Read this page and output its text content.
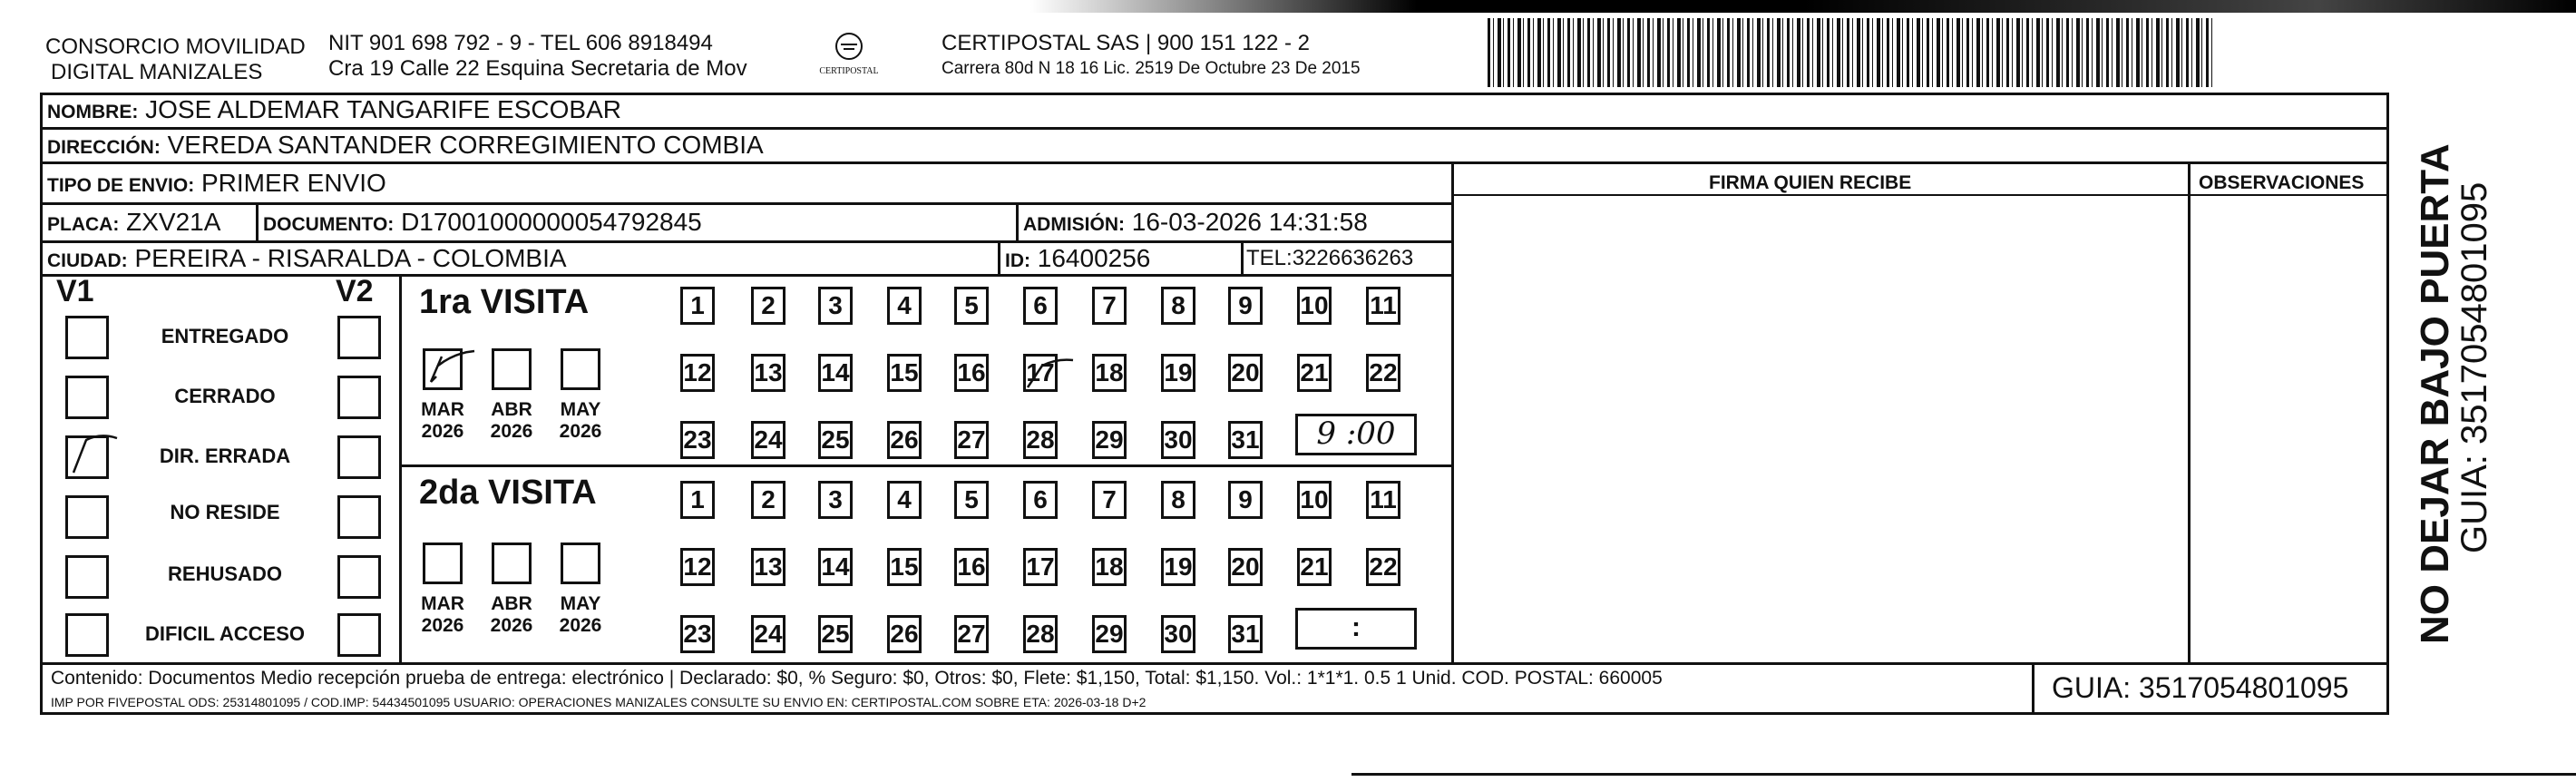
CONSORCIO MOVILIDAD
DIGITAL MANIZALES
NIT 901 698 792 - 9 - TEL 606 8918494
Cra 19 Calle 22 Esquina Secretaria de Mov	CERTIPOSTAL
CERTIPOSTAL SAS | 900 151 122 - 2
Carrera 80d N 18 16 Lic. 2519 De Octubre 23 De 2015
NOMBRE: JOSE ALDEMAR TANGARIFE ESCOBAR
DIRECCIÓN: VEREDA SANTANDER CORREGIMIENTO COMBIA
TIPO DE ENVIO: PRIMER ENVIO
PLACA: ZXV21A DOCUMENTO: D17001000000054792845	ADMISIÓN: 16-03-2026 14:31:58
CIUDAD: PEREIRA - RISARALDA - COLOMBIA	ID: 16400256	TEL:3226636263
FIRMA QUIEN RECIBE	OBSERVACIONES
V1	V2
ENTREGADO
CERRADO
DIR. ERRADA
NO RESIDE
REHUSADO
DIFICIL ACCESO
1ra VISITA
MAR
2026
ABR
2026
MAY
2026	9 :00
2da VISITA
MAR
2026
ABR
2026
MAY
2026	:
Contenido: Documentos Medio recepción prueba de entrega: electrónico | Declarado: $0, % Seguro: $0, Otros: $0, Flete: $1,150, Total: $1,150. Vol.: 1*1*1. 0.5 1 Unid. COD. POSTAL: 660005
IMP POR FIVEPOSTAL ODS: 25314801095 / COD.IMP: 54434501095 USUARIO: OPERACIONES MANIZALES CONSULTE SU ENVIO EN: CERTIPOSTAL.COM SOBRE ETA: 2026-03-18 D+2	GUIA: 3517054801095
NO DEJAR BAJO PUERTA
GUIA: 3517054801095
1	2	3	4	5	6	7	8	9	10 11
12 13 14 15 16 17 18 19 20 21 22
23 24 25 26 27 28 29 30 31
1	2	3	4	5	6	7	8	9	10 11
12 13 14 15 16 17 18 19 20 21 22
23 24 25 26 27 28 29 30 31
